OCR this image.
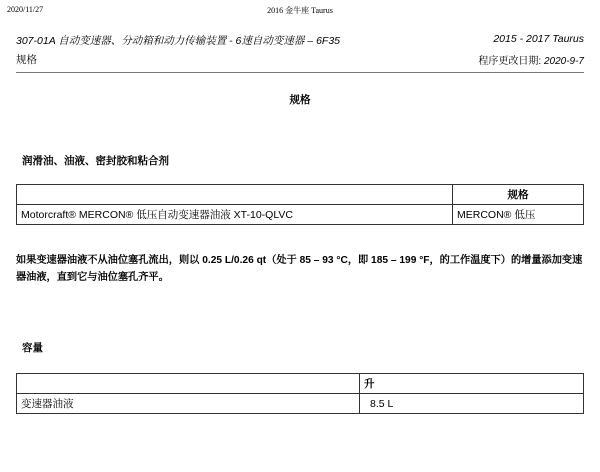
2020/11/27	2016 金牛座 Taurus
307-01A 自动变速器、分动箱和动力传输装置 - 6速自动变速器 – 6F35
规格
2015 - 2017 Taurus
程序更改日期: 2020-9-7
规格
润滑油、油液、密封胶和粘合剂
	规格
Motorcraft® MERCON® 低压自动变速器油液 XT-10-QLVC	MERCON® 低压
如果变速器油液不从油位塞孔流出，则以 0.25 L/0.26 qt（处于 85 – 93 °C，即 185 – 199 °F，的工作温度下）的增量添加变速器油液，直到它与油位塞孔齐平。
容量
	升
变速器油液	8.5 L
